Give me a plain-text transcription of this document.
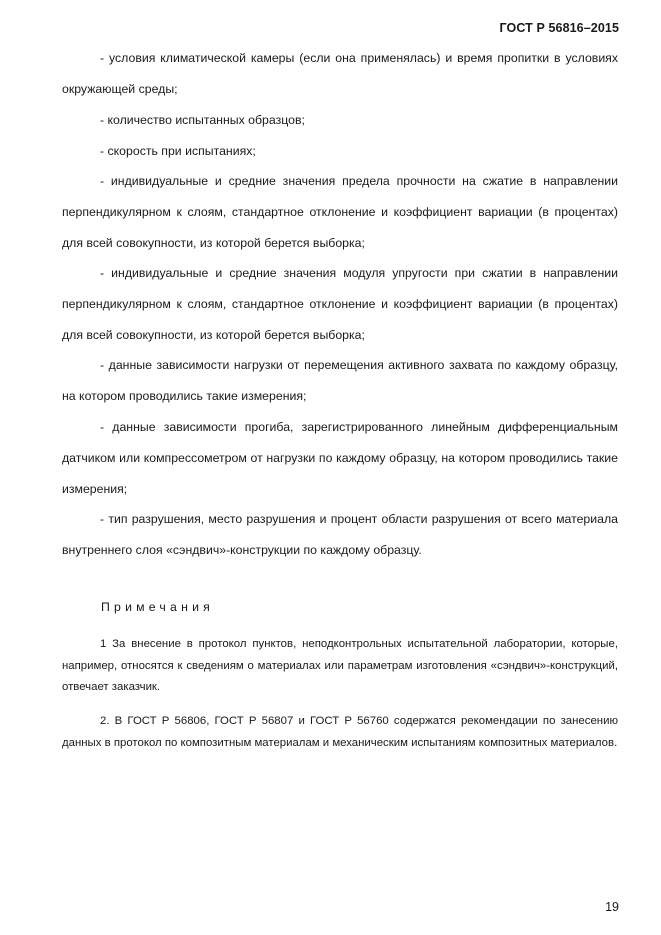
ГОСТ Р 56816–2015

- условия климатической камеры (если она применялась) и время пропитки в условиях окружающей среды;

- количество испытанных образцов;

- скорость при испытаниях;

- индивидуальные и средние значения предела прочности на сжатие в направлении перпендикулярном к слоям, стандартное отклонение и коэффициент вариации (в процентах) для всей совокупности, из которой берется выборка;

- индивидуальные и средние значения модуля упругости при сжатии в направлении перпендикулярном к слоям, стандартное отклонение и коэффициент вариации (в процентах) для всей совокупности, из которой берется выборка;

- данные зависимости нагрузки от перемещения активного захвата по каждому образцу, на котором проводились такие измерения;

- данные зависимости прогиба, зарегистрированного линейным дифференциальным датчиком или компрессометром от нагрузки по каждому образцу, на котором проводились такие измерения;

- тип разрушения, место разрушения и процент области разрушения от всего материала внутреннего слоя «сэндвич»-конструкции по каждому образцу.

Примечания

1 За внесение в протокол пунктов, неподконтрольных испытательной лаборатории, которые, например, относятся к сведениям о материалах или параметрам изготовления «сэндвич»-конструкций, отвечает заказчик.

2. В ГОСТ Р 56806, ГОСТ Р 56807 и ГОСТ Р 56760 содержатся рекомендации по занесению данных в протокол по композитным материалам и механическим испытаниям композитных материалов.

19
